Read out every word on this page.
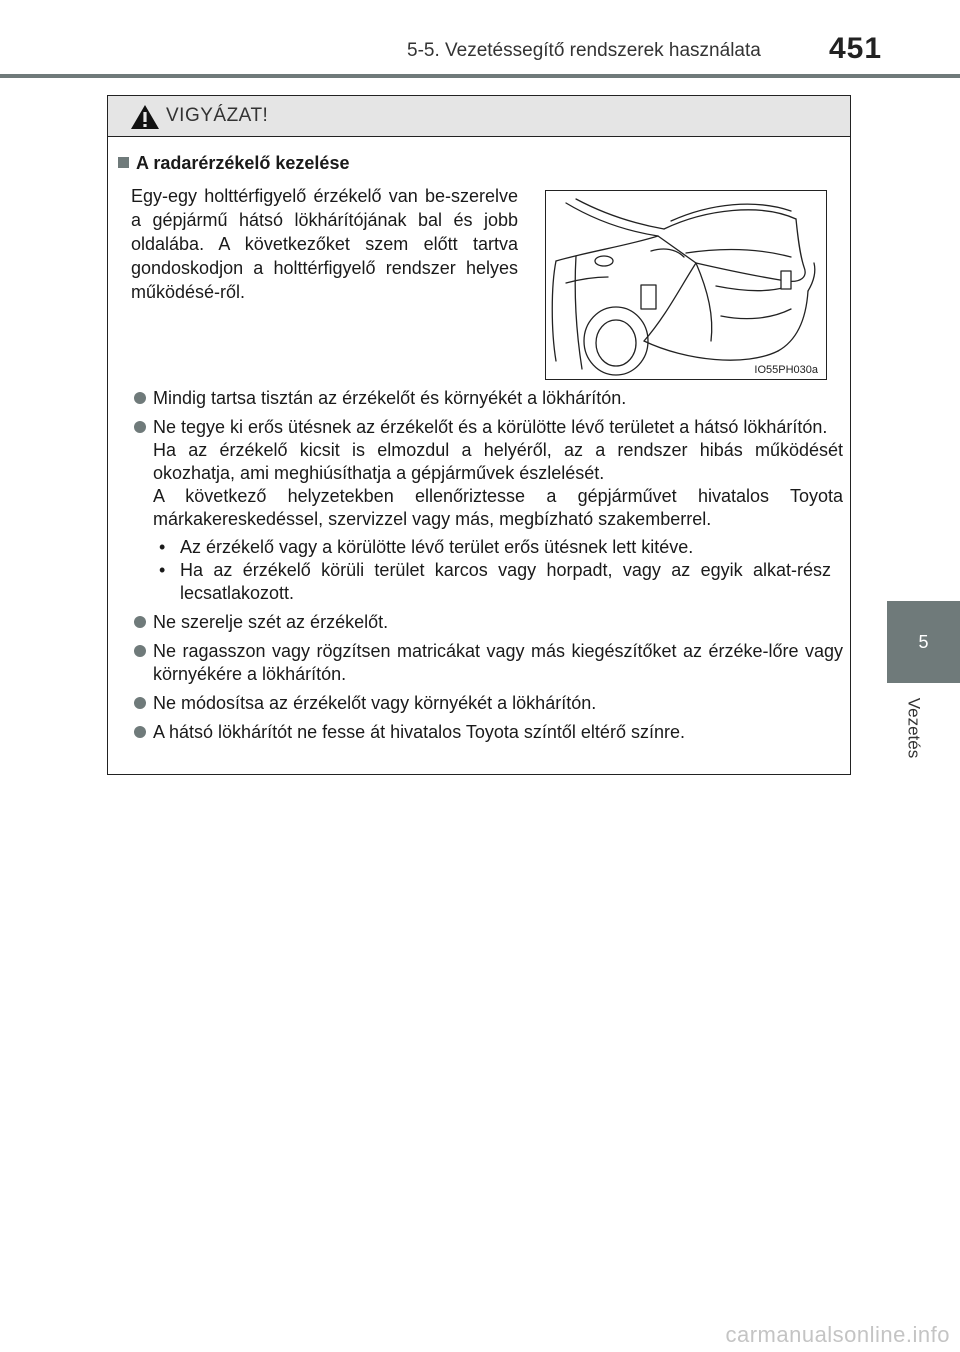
5-5. Vezetéssegítő rendszerek használata	451
5
Vezetés
VIGYÁZAT!
A radarérzékelő kezelése
Egy-egy holttérfigyelő érzékelő van be-szerelve a gépjármű hátsó lökhárítójának bal és jobb oldalába. A következőket szem előtt tartva gondoskodjon a holttérfigyelő rendszer helyes működésé-ről.
IO55PH030a
Mindig tartsa tisztán az érzékelőt és környékét a lökhárítón.
Ne tegye ki erős ütésnek az érzékelőt és a körülötte lévő területet a hátsó lökhárítón.
Ha az érzékelő kicsit is elmozdul a helyéről, az a rendszer hibás működését okozhatja, ami meghiúsíthatja a gépjárművek észlelését.
A következő helyzetekben ellenőriztesse a gépjárművet hivatalos Toyota márkakereskedéssel, szervizzel vagy más, megbízható szakemberrel.
• Az érzékelő vagy a körülötte lévő terület erős ütésnek lett kitéve.
• Ha az érzékelő körüli terület karcos vagy horpadt, vagy az egyik alkat-rész lecsatlakozott.
Ne szerelje szét az érzékelőt.
Ne ragasszon vagy rögzítsen matricákat vagy más kiegészítőket az érzéke-lőre vagy környékére a lökhárítón.
Ne módosítsa az érzékelőt vagy környékét a lökhárítón.
A hátsó lökhárítót ne fesse át hivatalos Toyota színtől eltérő színre.
carmanualsonline.info
